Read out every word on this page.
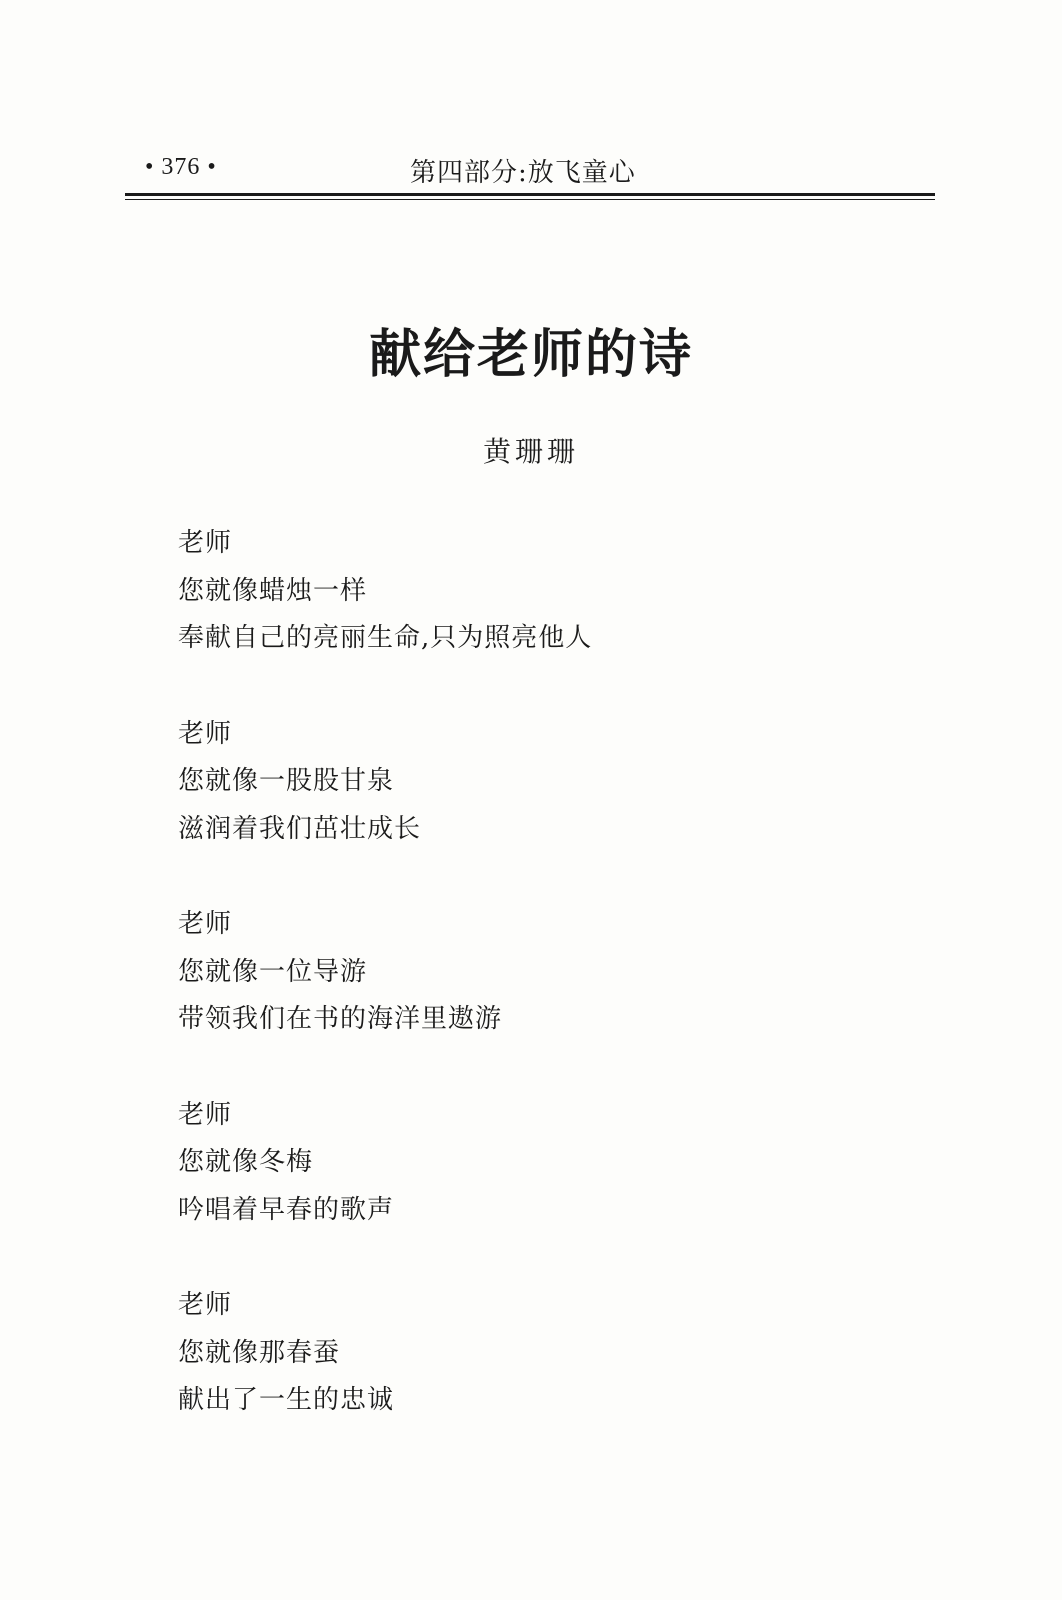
• 376 •	第四部分:放飞童心
献给老师的诗
黄珊珊
老师
您就像蜡烛一样
奉献自己的亮丽生命,只为照亮他人
老师
您就像一股股甘泉
滋润着我们茁壮成长
老师
您就像一位导游
带领我们在书的海洋里遨游
老师
您就像冬梅
吟唱着早春的歌声
老师
您就像那春蚕
献出了一生的忠诚
